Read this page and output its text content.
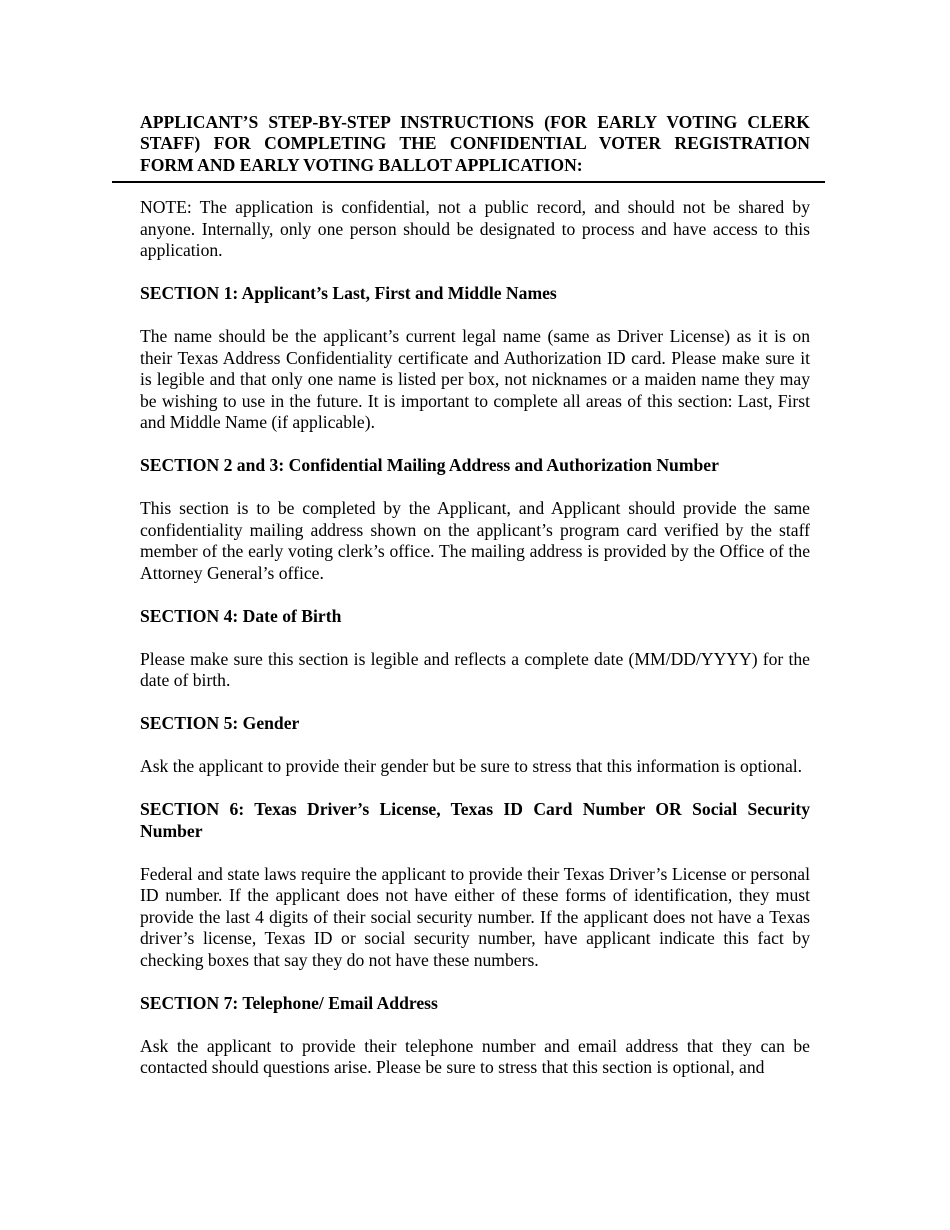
APPLICANT’S STEP-BY-STEP INSTRUCTIONS (FOR EARLY VOTING CLERK STAFF) FOR COMPLETING THE CONFIDENTIAL VOTER REGISTRATION FORM AND EARLY VOTING BALLOT APPLICATION:

NOTE: The application is confidential, not a public record, and should not be shared by anyone. Internally, only one person should be designated to process and have access to this application.

SECTION 1: Applicant’s Last, First and Middle Names

The name should be the applicant’s current legal name (same as Driver License) as it is on their Texas Address Confidentiality certificate and Authorization ID card. Please make sure it is legible and that only one name is listed per box, not nicknames or a maiden name they may be wishing to use in the future. It is important to complete all areas of this section: Last, First and Middle Name (if applicable).

SECTION 2 and 3: Confidential Mailing Address and Authorization Number

This section is to be completed by the Applicant, and Applicant should provide the same confidentiality mailing address shown on the applicant’s program card verified by the staff member of the early voting clerk’s office. The mailing address is provided by the Office of the Attorney General’s office.

SECTION 4: Date of Birth

Please make sure this section is legible and reflects a complete date (MM/DD/YYYY) for the date of birth.

SECTION 5: Gender

Ask the applicant to provide their gender but be sure to stress that this information is optional.

SECTION 6: Texas Driver’s License, Texas ID Card Number OR Social Security Number

Federal and state laws require the applicant to provide their Texas Driver’s License or personal ID number. If the applicant does not have either of these forms of identification, they must provide the last 4 digits of their social security number. If the applicant does not have a Texas driver’s license, Texas ID or social security number, have applicant indicate this fact by checking boxes that say they do not have these numbers.

SECTION 7: Telephone/ Email Address

Ask the applicant to provide their telephone number and email address that they can be contacted should questions arise. Please be sure to stress that this section is optional, and
